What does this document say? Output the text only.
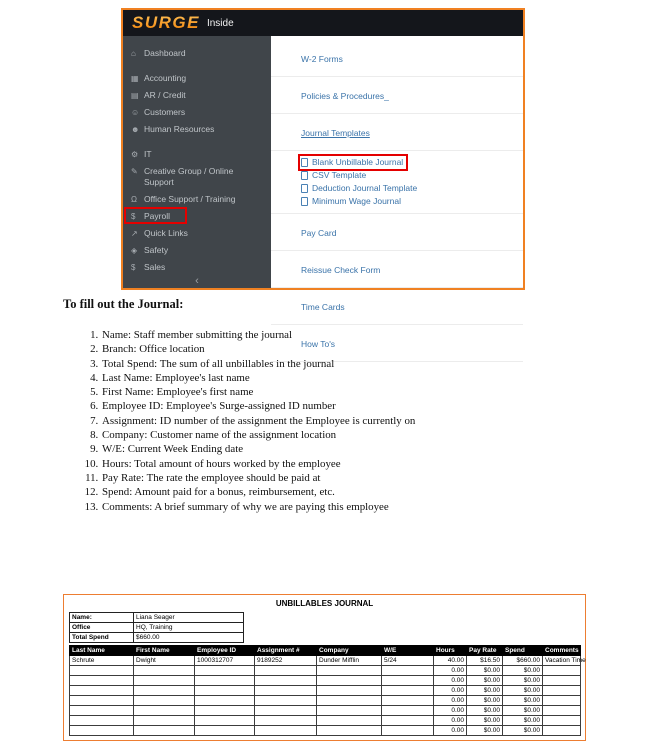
SURGE Inside
⌂ Dashboard
▦ Accounting
▤ AR / Credit
☺ Customers
☻ Human Resources
⚙ IT
✎ Creative Group / Online Support
Ω Office Support / Training
$	Payroll
↗ Quick Links
◈ Safety
$	Sales
‹
W-2 Forms
Policies & Procedures_
Journal Templates
Blank Unbillable Journal
CSV Template
Deduction Journal Template
Minimum Wage Journal
Pay Card
Reissue Check Form
Time Cards
How To's
To fill out the Journal:
1. Name: Staff member submitting the journal
2. Branch: Office location
3. Total Spend: The sum of all unbillables in the journal
4. Last Name: Employee's last name
5. First Name: Employee's first name
6. Employee ID: Employee's Surge-assigned ID number
7. Assignment: ID number of the assignment the Employee is currently on
8. Company: Customer name of the assignment location
9. W/E: Current Week Ending date
10. Hours: Total amount of hours worked by the employee
11. Pay Rate: The rate the employee should be paid at
12. Spend: Amount paid for a bonus, reimbursement, etc.
13. Comments: A brief summary of why we are paying this employee
UNBILLABLES JOURNAL
Name:	Liana Seager
Office	HQ, Training
Total Spend	$660.00
Last Name	First Name	Employee ID	Assignment #	Company	W/E	Hours	Pay Rate	Spend	Comments
Schrute	Dwight	1000312707	9189252	Dunder Mifflin	5/24	40.00	$16.50	$660.00	Vacation Time
						0.00	$0.00	$0.00	
						0.00	$0.00	$0.00	
						0.00	$0.00	$0.00	
						0.00	$0.00	$0.00	
						0.00	$0.00	$0.00	
						0.00	$0.00	$0.00	
						0.00	$0.00	$0.00	
